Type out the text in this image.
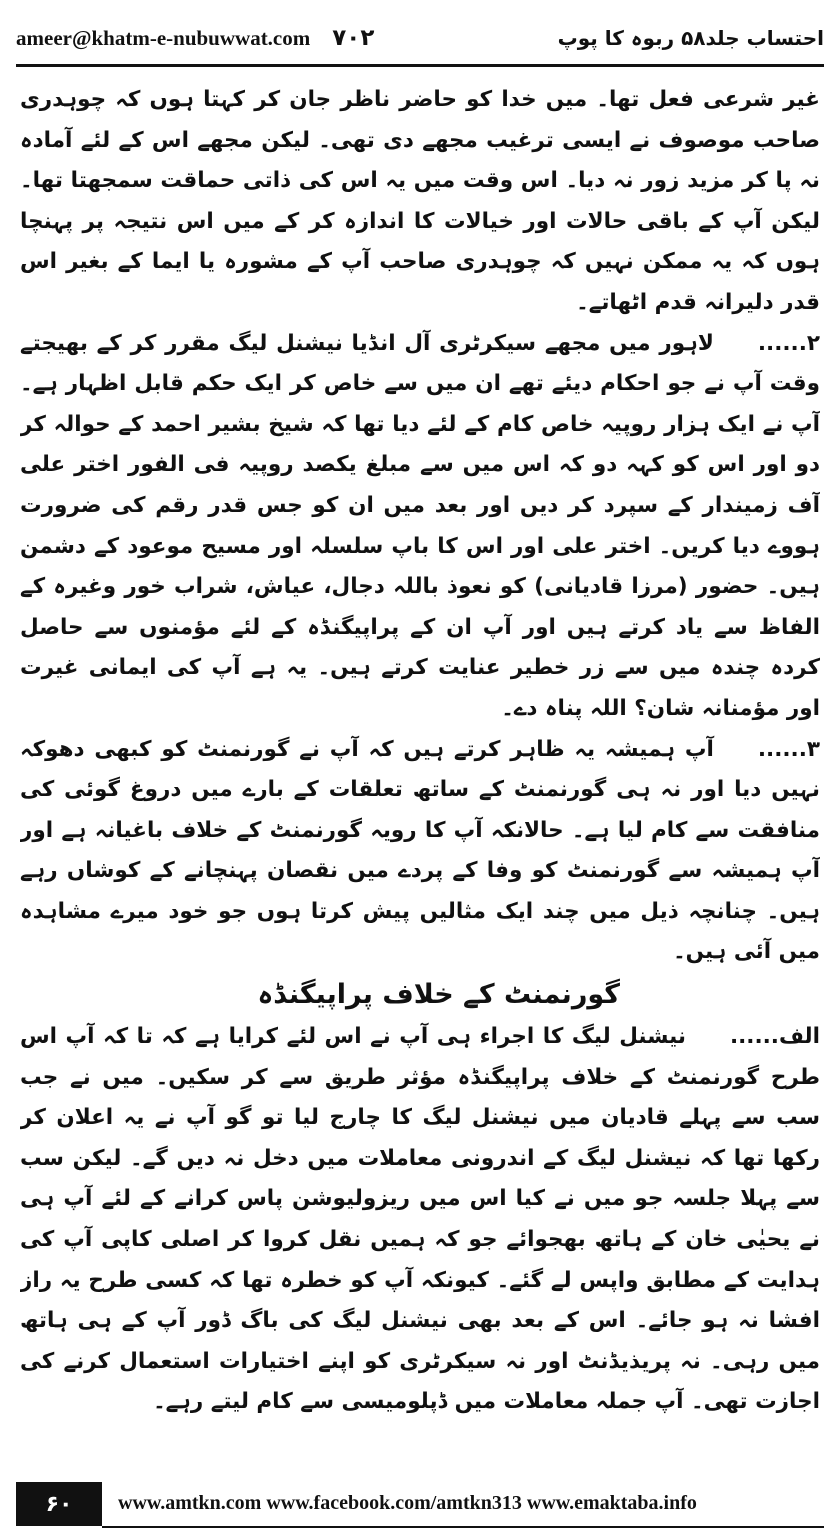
ameer@khatm-e-nubuwwat.com ۷۰۲	احتساب جلد۵۸ ربوہ کا پوپ

غیر شرعی فعل تھا۔ میں خدا کو حاضر ناظر جان کر کہتا ہوں کہ چوہدری صاحب موصوف نے ایسی ترغیب مجھے دی تھی۔ لیکن مجھے اس کے لئے آمادہ نہ پا کر مزید زور نہ دیا۔ اس وقت میں یہ اس کی ذاتی حماقت سمجھتا تھا۔ لیکن آپ کے باقی حالات اور خیالات کا اندازہ کر کے میں اس نتیجہ پر پہنچا ہوں کہ یہ ممکن نہیں کہ چوہدری صاحب آپ کے مشورہ یا ایما کے بغیر اس قدر دلیرانہ قدم اٹھاتے۔

۲......لاہور میں مجھے سیکرٹری آل انڈیا نیشنل لیگ مقرر کر کے بھیجتے وقت آپ نے جو احکام دیئے تھے ان میں سے خاص کر ایک حکم قابل اظہار ہے۔ آپ نے ایک ہزار روپیہ خاص کام کے لئے دیا تھا کہ شیخ بشیر احمد کے حوالہ کر دو اور اس کو کہہ دو کہ اس میں سے مبلغ یکصد روپیہ فی الفور اختر علی آف زمیندار کے سپرد کر دیں اور بعد میں ان کو جس قدر رقم کی ضرورت ہووے دیا کریں۔ اختر علی اور اس کا باپ سلسلہ اور مسیح موعود کے دشمن ہیں۔ حضور (مرزا قادیانی) کو نعوذ باللہ دجال، عیاش، شراب خور وغیرہ کے الفاظ سے یاد کرتے ہیں اور آپ ان کے پراپیگنڈہ کے لئے مؤمنوں سے حاصل کردہ چندہ میں سے زر خطیر عنایت کرتے ہیں۔ یہ ہے آپ کی ایمانی غیرت اور مؤمنانہ شان؟ اللہ پناہ دے۔

۳......آپ ہمیشہ یہ ظاہر کرتے ہیں کہ آپ نے گورنمنٹ کو کبھی دھوکہ نہیں دیا اور نہ ہی گورنمنٹ کے ساتھ تعلقات کے بارے میں دروغ گوئی کی منافقت سے کام لیا ہے۔ حالانکہ آپ کا رویہ گورنمنٹ کے خلاف باغیانہ ہے اور آپ ہمیشہ سے گورنمنٹ کو وفا کے پردے میں نقصان پہنچانے کے کوشاں رہے ہیں۔ چنانچہ ذیل میں چند ایک مثالیں پیش کرتا ہوں جو خود میرے مشاہدہ میں آئی ہیں۔

گورنمنٹ کے خلاف پراپیگنڈہ

الف......نیشنل لیگ کا اجراء ہی آپ نے اس لئے کرایا ہے کہ تا کہ آپ اس طرح گورنمنٹ کے خلاف پراپیگنڈہ مؤثر طریق سے کر سکیں۔ میں نے جب سب سے پہلے قادیان میں نیشنل لیگ کا چارج لیا تو گو آپ نے یہ اعلان کر رکھا تھا کہ نیشنل لیگ کے اندرونی معاملات میں دخل نہ دیں گے۔ لیکن سب سے پہلا جلسہ جو میں نے کیا اس میں ریزولیوشن پاس کرانے کے لئے آپ ہی نے یحیٰی خان کے ہاتھ بھجوائے جو کہ ہمیں نقل کروا کر اصلی کاپی آپ کی ہدایت کے مطابق واپس لے گئے۔ کیونکہ آپ کو خطرہ تھا کہ کسی طرح یہ راز افشا نہ ہو جائے۔ اس کے بعد بھی نیشنل لیگ کی باگ ڈور آپ کے ہی ہاتھ میں رہی۔ نہ پریذیڈنٹ اور نہ سیکرٹری کو اپنے اختیارات استعمال کرنے کی اجازت تھی۔ آپ جملہ معاملات میں ڈپلومیسی سے کام لیتے رہے۔

۶۰	www.amtkn.com www.facebook.com/amtkn313 www.emaktaba.info
